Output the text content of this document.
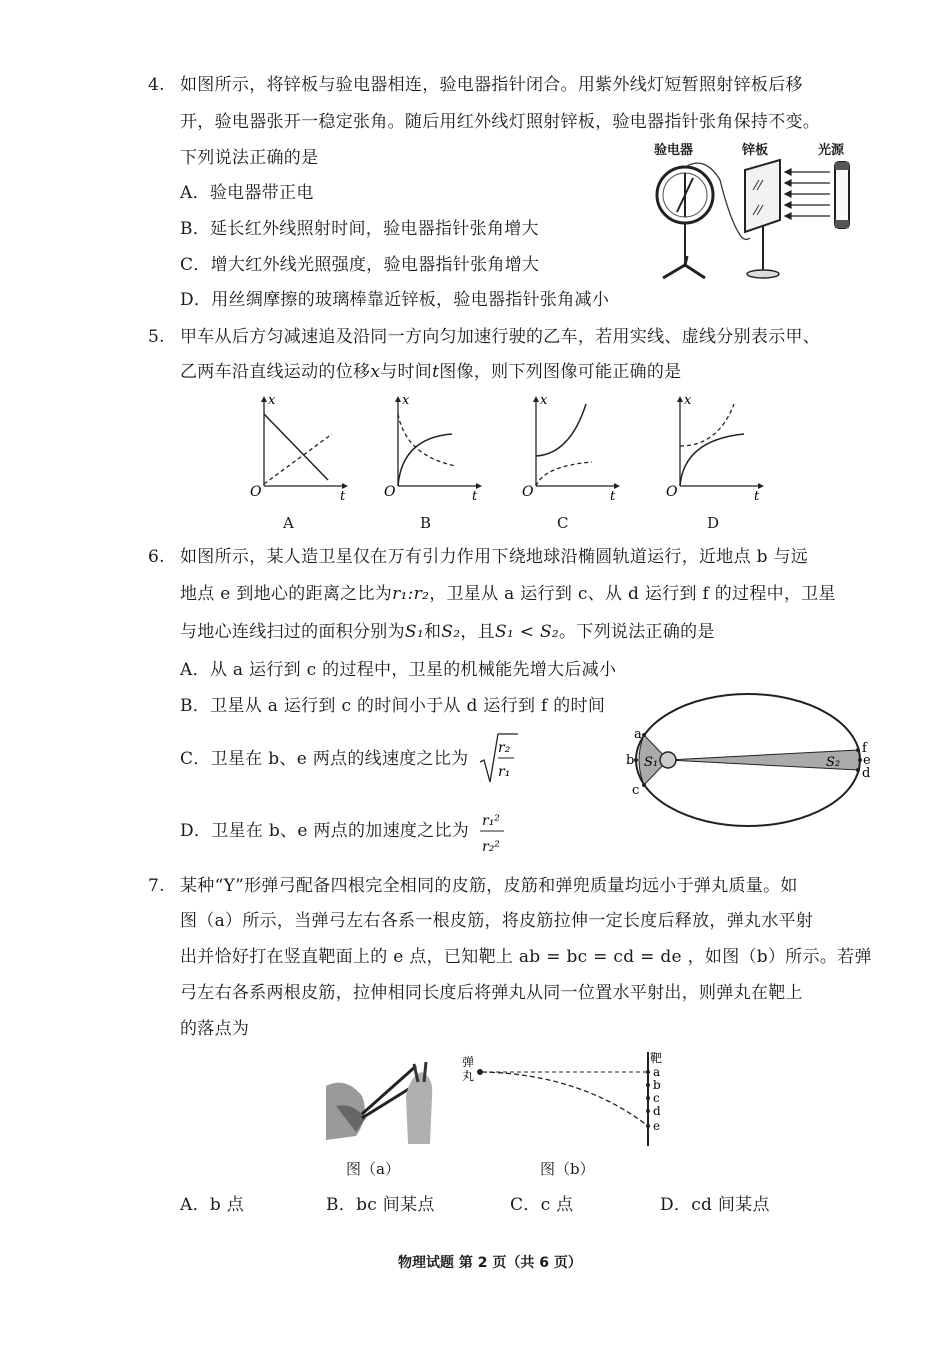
4. 如图所示，将锌板与验电器相连，验电器指针闭合。用紫外线灯短暂照射锌板后移
开，验电器张开一稳定张角。随后用红外线灯照射锌板，验电器指针张角保持不变。
下列说法正确的是
A．验电器带正电
B．延长红外线照射时间，验电器指针张角增大
C．增大红外线光照强度，验电器指针张角增大
D．用丝绸摩擦的玻璃棒靠近锌板，验电器指针张角减小
验电器	锌板	光源
5. 甲车从后方匀减速追及沿同一方向匀加速行驶的乙车，若用实线、虚线分别表示甲、
乙两车沿直线运动的位移x与时间t图像，则下列图像可能正确的是
x
t
O
A
x
t
O
B
x
t
O
C
x
t
O
D
6. 如图所示，某人造卫星仅在万有引力作用下绕地球沿椭圆轨道运行，近地点 b 与远
地点 e 到地心的距离之比为r₁:r₂，卫星从 a 运行到 c、从 d 运行到 f 的过程中，卫星
与地心连线扫过的面积分别为S₁和S₂，且S₁ < S₂。下列说法正确的是
A．从 a 运行到 c 的过程中，卫星的机械能先增大后减小
B．卫星从 a 运行到 c 的时间小于从 d 运行到 f 的时间
C．卫星在 b、e 两点的线速度之比为
r₂
r₁
D．卫星在 b、e 两点的加速度之比为 r₁²
r₂²
a
b
c
S₁	S₂
f
e
d
7. 某种“Y”形弹弓配备四根完全相同的皮筋，皮筋和弹兜质量均远小于弹丸质量。如
图（a）所示，当弹弓左右各系一根皮筋，将皮筋拉伸一定长度后释放，弹丸水平射
出并恰好打在竖直靶面上的 e 点，已知靶上 ab = bc = cd = de ，如图（b）所示。若弹
弓左右各系两根皮筋，拉伸相同长度后将弹丸从同一位置水平射出，则弹丸在靶上
的落点为
弹
丸
靶
a
b
c
d
e
图（a）	图（b）
A．b 点	B．bc 间某点	C．c 点	D．cd 间某点
物理试题 第 2 页（共 6 页）
